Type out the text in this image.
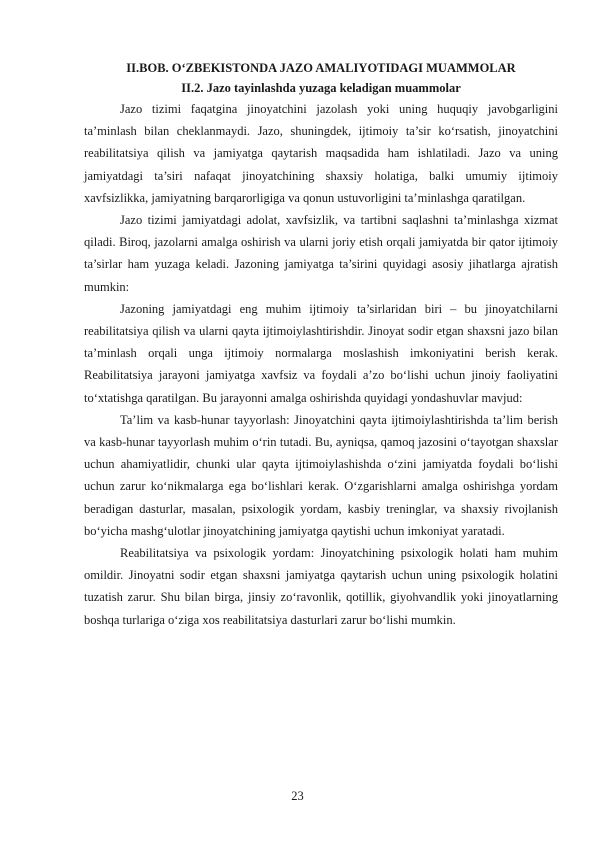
II.BOB. O‘ZBEKISTONDA JAZO AMALIYOTIDAGI MUAMMOLAR

II.2. Jazo tayinlashda yuzaga keladigan muammolar

Jazo tizimi faqatgina jinoyatchini jazolash yoki uning huquqiy javobgarligini ta’minlash bilan cheklanmaydi. Jazo, shuningdek, ijtimoiy ta’sir ko‘rsatish, jinoyatchini reabilitatsiya qilish va jamiyatga qaytarish maqsadida ham ishlatiladi. Jazo va uning jamiyatdagi ta’siri nafaqat jinoyatchining shaxsiy holatiga, balki umumiy ijtimoiy xavfsizlikka, jamiyatning barqarorligiga va qonun ustuvorligini ta’minlashga qaratilgan.

Jazo tizimi jamiyatdagi adolat, xavfsizlik, va tartibni saqlashni ta’minlashga xizmat qiladi. Biroq, jazolarni amalga oshirish va ularni joriy etish orqali jamiyatda bir qator ijtimoiy ta’sirlar ham yuzaga keladi. Jazoning jamiyatga ta’sirini quyidagi asosiy jihatlarga ajratish mumkin:

Jazoning jamiyatdagi eng muhim ijtimoiy ta’sirlaridan biri – bu jinoyatchilarni reabilitatsiya qilish va ularni qayta ijtimoiylashtirishdir. Jinoyat sodir etgan shaxsni jazo bilan ta’minlash orqali unga ijtimoiy normalarga moslashish imkoniyatini berish kerak. Reabilitatsiya jarayoni jamiyatga xavfsiz va foydali a’zo bo‘lishi uchun jinoiy faoliyatini to‘xtatishga qaratilgan. Bu jarayonni amalga oshirishda quyidagi yondashuvlar mavjud:

Ta’lim va kasb-hunar tayyorlash: Jinoyatchini qayta ijtimoiylashtirishda ta’lim berish va kasb-hunar tayyorlash muhim o‘rin tutadi. Bu, ayniqsa, qamoq jazosini o‘tayotgan shaxslar uchun ahamiyatlidir, chunki ular qayta ijtimoiylashishda o‘zini jamiyatda foydali bo‘lishi uchun zarur ko‘nikmalarga ega bo‘lishlari kerak. O‘zgarishlarni amalga oshirishga yordam beradigan dasturlar, masalan, psixologik yordam, kasbiy treninglar, va shaxsiy rivojlanish bo‘yicha mashg‘ulotlar jinoyatchining jamiyatga qaytishi uchun imkoniyat yaratadi.

Reabilitatsiya va psixologik yordam: Jinoyatchining psixologik holati ham muhim omildir. Jinoyatni sodir etgan shaxsni jamiyatga qaytarish uchun uning psixologik holatini tuzatish zarur. Shu bilan birga, jinsiy zo‘ravonlik, qotillik, giyohvandlik yoki jinoyatlarning boshqa turlariga o‘ziga xos reabilitatsiya dasturlari zarur bo‘lishi mumkin.

23
